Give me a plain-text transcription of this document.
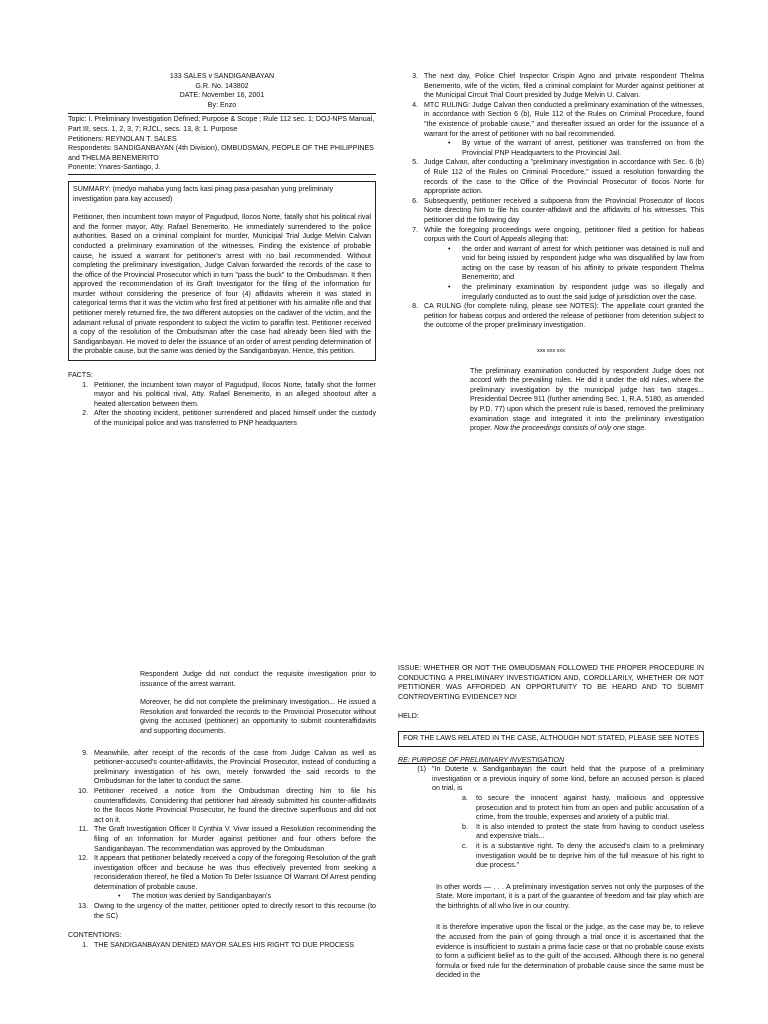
133 SALES v SANDIGANBAYAN
G.R. No. 143802
DATE: November 16, 2001
By: Enzo
Topic: I. Preliminary Investigation Defined; Purpose & Scope ; Rule 112 sec. 1; DOJ-NPS Manual, Part III, secs. 1, 2, 3, 7; RJCL, secs. 13, 8; 1. Purpose
Petitioners: REYNOLAN T. SALES
Respondents: SANDIGANBAYAN (4th Division), OMBUDSMAN, PEOPLE OF THE PHILIPPINES and THELMA BENEMERITO
Ponente: Ynares-Santiago, J.
SUMMARY: (medyo mahaba yung facts kasi pinag pasa-pasahan yung preliminary investigation para kay accused)
Petitioner, then incumbent town mayor of Pagudpud, Ilocos Norte, fatally shot his political rival and the former mayor, Atty. Rafael Benemerito. He immediately surrendered to the police authorities. Based on a criminal complaint for murder, Municipal Trial Judge Melvin Calvan conducted a preliminary examination of the witnesses. Finding the existence of probable cause, he issued a warrant for petitioner's arrest with no bail recommended. Without completing the preliminary investigation, Judge Calvan forwarded the records of the case to the office of the Provincial Prosecutor which in turn "pass the buck" to the Ombudsman. It then approved the recommendation of its Graft Investigator for the filing of the information for murder without considering the presence of four (4) affidavits wherein it was stated in categorical terms that it was the victim who first fired at petitioner with his armalite rifle and that petitioner merely returned fire, the two different autopsies on the cadaver of the victim, and the adamant refusal of private respondent to subject the victim to paraffin test. Petitioner received a copy of the resolution of the Ombudsman after the case had already been filed with the Sandiganbayan. He moved to defer the issuance of an order of arrest pending determination of the probable cause, but the same was denied by the Sandiganbayan. Hence, this petition.
FACTS:
1. Petitioner, the incumbent town mayor of Pagudpud, Ilocos Norte, fatally shot the former mayor and his political rival, Atty. Rafael Benemerito, in an alleged shootout after a heated altercation between them.
2. After the shooting incident, petitioner surrendered and placed himself under the custody of the municipal police and was transferred to PNP headquarters
3. The next day, Police Chief Inspector Crispin Agno and private respondent Thelma Benemerito, wife of the victim, filed a criminal complaint for Murder against petitioner at the Municipal Circuit Trial Court presided by Judge Melvin U. Calvan.
4. MTC RULING: Judge Calvan then conducted a preliminary examination of the witnesses, in accordance with Section 6 (b), Rule 112 of the Rules on Criminal Procedure, found "the existence of probable cause," and thereafter issued an order for the issuance of a warrant for the arrest of petitioner with no bail recommended.
•	By virtue of the warrant of arrest, petitioner was transferred on from the Provincial PNP Headquarters to the Provincial Jail.
5. Judge Calvan, after conducting a "preliminary investigation in accordance with Sec. 6 (b) of Rule 112 of the Rules on Criminal Procedure," issued a resolution forwarding the records of the case to the Office of the Provincial Prosecutor of Ilocos Norte for appropriate action.
6. Subsequently, petitioner received a subpoena from the Provincial Prosecutor of Ilocos Norte directing him to file his counter-affidavit and the affidavits of his witnesses. This petitioner did the following day
7. While the foregoing proceedings were ongoing, petitioner filed a petition for habeas corpus with the Court of Appeals alleging that:
•	the order and warrant of arrest for which petitioner was detained is null and void for being issued by respondent judge who was disqualified by law from acting on the case by reason of his affinity to private respondent Thelma Benemerito; and
•	the preliminary examination by respondent judge was so illegally and irregularly conducted as to oust the said judge of jurisdiction over the case.
8. CA RULNG (for complete ruling, please see NOTES): The appellate court granted the petition for habeas corpus and ordered the release of petitioner from detention subject to the outcome of the proper preliminary investigation.
xxx xxx xxx
The preliminary examination conducted by respondent Judge does not accord with the prevailing rules. He did it under the old rules, where the preliminary investigation by the municipal judge has two stages... Presidential Decree 911 (further amending Sec. 1, R.A. 5180, as amended by P.D. 77) upon which the present rule is based, removed the preliminary examination stage and integrated it into the preliminary investigation proper. Now the proceedings consists of only one stage.
Respondent Judge did not conduct the requisite investigation prior to issuance of the arrest warrant.
Moreover, he did not complete the preliminary investigation... He issued a Resolution and forwarded the records to the Provincial Prosecutor without giving the accused (petitioner) an opportunity to submit counteraffidavits and supporting documents.
9. Meanwhile, after receipt of the records of the case from Judge Calvan as well as petitioner-accused's counter-affidavits, the Provincial Prosecutor, instead of conducting a preliminary investigation of his own, merely forwarded the said records to the Ombudsman for the latter to conduct the same.
10. Petitioner received a notice from the Ombudsman directing him to file his counteraffidavits. Considering that petitioner had already submitted his counter-affidavits to the Ilocos Norte Provincial Prosecutor, he found the directive superfluous and did not act on it.
11. The Graft Investigation Officer II Cynthia V. Vivar issued a Resolution recommending the filing of an Information for Murder against petitioner and four others before the Sandiganbayan. The recommendation was approved by the Ombudsman
12. It appears that petitioner belatedly received a copy of the foregoing Resolution of the graft investigation officer and because he was thus effectively prevented from seeking a reconsideration thereof, he filed a Motion To Defer Issuance Of Warrant Of Arrest pending determination of probable cause.
•	The motion was denied by Sandiganbayan's
13. Owing to the urgency of the matter, petitioner opted to directly resort to this recourse (to the SC)
CONTENTIONS:
1. THE SANDIGANBAYAN DENIED MAYOR SALES HIS RIGHT TO DUE PROCESS
ISSUE: WHETHER OR NOT THE OMBUDSMAN FOLLOWED THE PROPER PROCEDURE IN CONDUCTING A PRELIMINARY INVESTIGATION AND, COROLLARILY, WHETHER OR NOT PETITIONER WAS AFFORDED AN OPPORTUNITY TO BE HEARD AND TO SUBMIT CONTROVERTING EVIDENCE? NO!
HELD:
FOR THE LAWS RELATED IN THE CASE, ALTHOUGH NOT STATED, PLEASE SEE NOTES
RE: PURPOSE OF PRELIMINARY INVESTIGATION
(1) "In Duterte v. Sandiganbayan the court held that the purpose of a preliminary investigation or a previous inquiry of some kind, before an accused person is placed on trial, is
a.	to secure the innocent against hasty, malicious and oppressive prosecution and to protect him from an open and public accusation of a crime, from the trouble, expenses and anxiety of a public trial.
b.	It is also intended to protect the state from having to conduct useless and expensive trials...
c.	it is a substantive right. To deny the accused's claim to a preliminary investigation would be to deprive him of the full measure of his right to due process."
In other words — . . . A preliminary investigation serves not only the purposes of the State. More important, it is a part of the guarantee of freedom and fair play which are the birthrights of all who live in our country.
It is therefore imperative upon the fiscal or the judge, as the case may be, to relieve the accused from the pain of going through a trial once it is ascertained that the evidence is insufficient to sustain a prima facie case or that no probable cause exists to form a sufficient belief as to the guilt of the accused. Although there is no general formula or fixed rule for the determination of probable cause since the same must be decided in the
